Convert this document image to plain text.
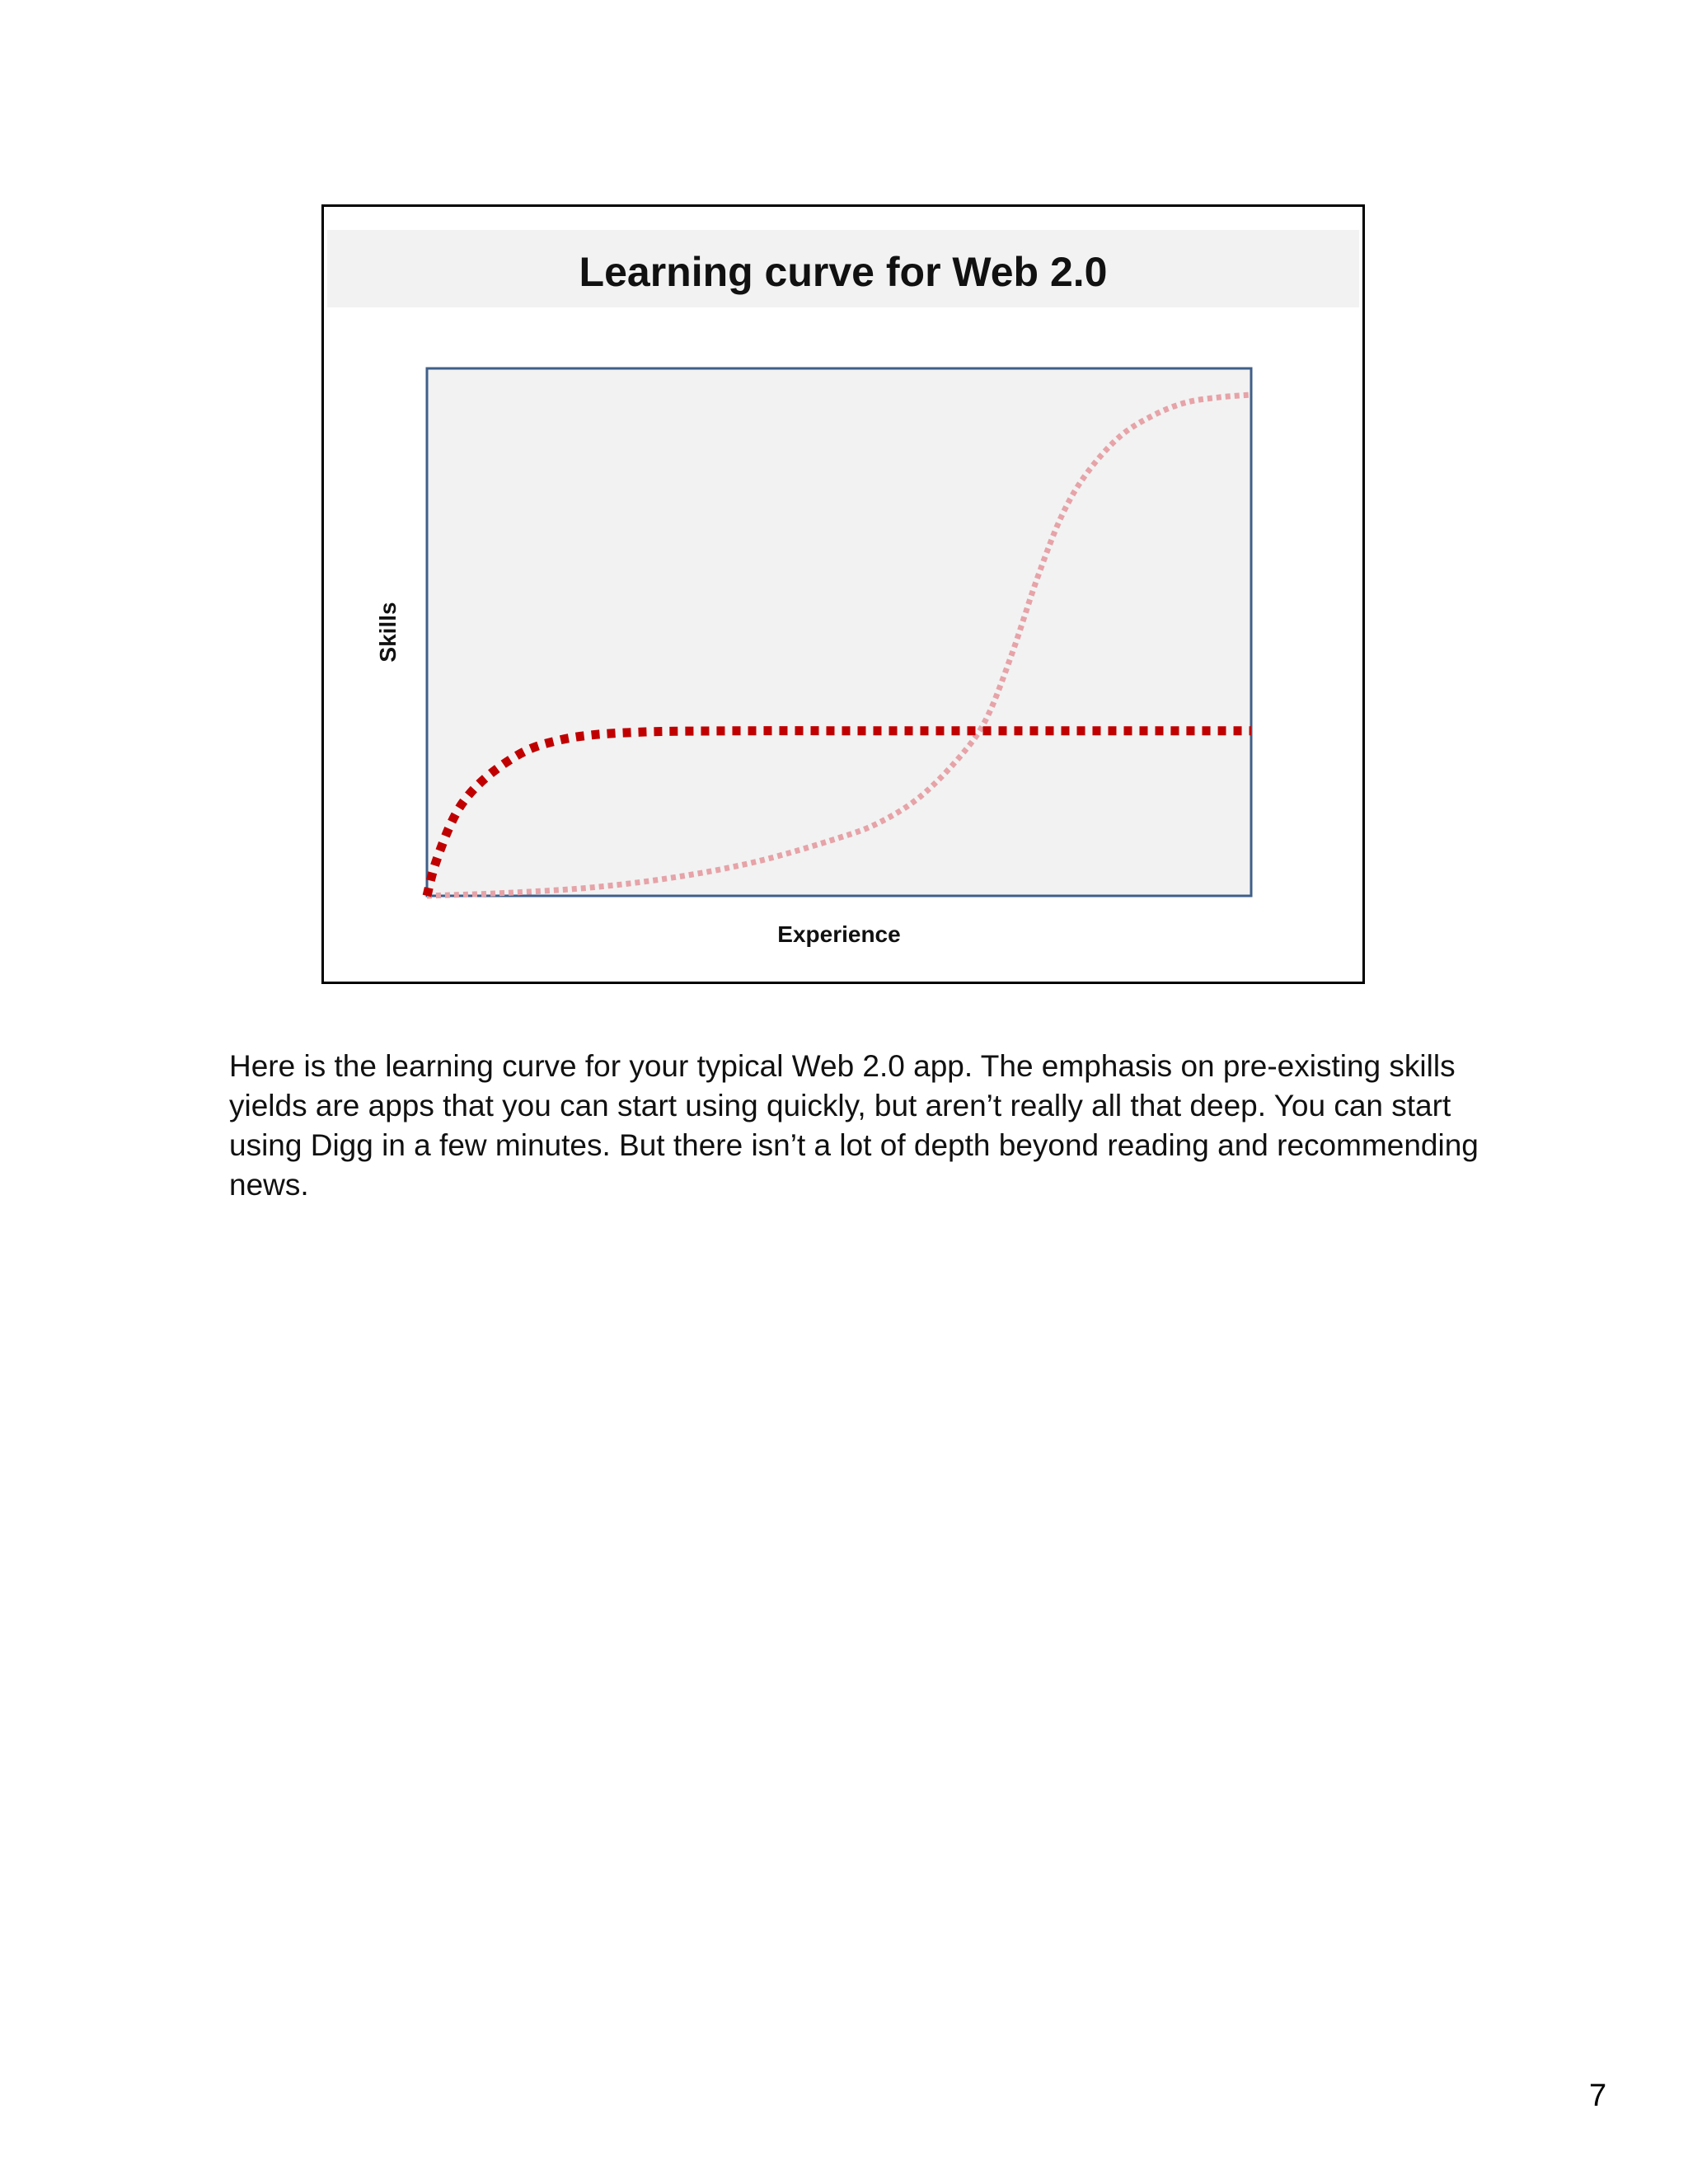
Learning curve for Web 2.0
Experience
Skills
Here is the learning curve for your typical Web 2.0 app. The emphasis on pre-existing skills yields are apps that you can start using quickly, but aren’t really all that deep. You can start using Digg in a few minutes. But there isn’t a lot of depth beyond reading and recommending news.
7
